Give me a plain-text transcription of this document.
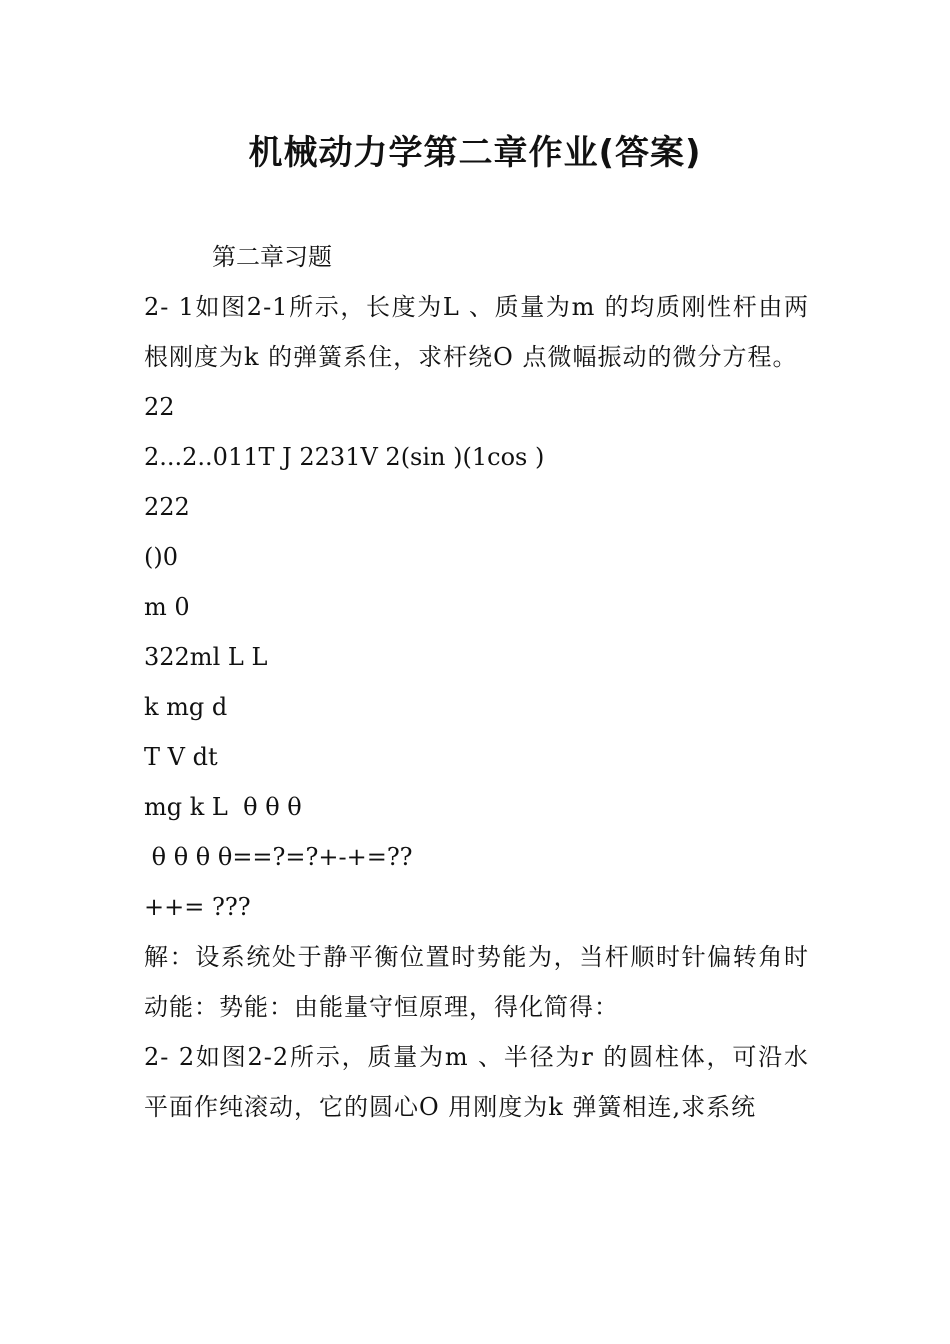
机械动力学第二章作业(答案)
第二章习题
2- 1如图2-1所示，长度为L 、质量为m 的均质刚性杆由两根刚度为k 的弹簧系住，求杆绕O 点微幅振动的微分方程。
22
2...2..011T J 2231V 2(sin )(1cos )
222
()0
m 0
322ml L L
k mg d
T V dt
mg k L  θ θ θ
θ θ θ θ==?=?+-+=??
++= ???
解：设系统处于静平衡位置时势能为，当杆顺时针偏转角时动能：势能：由能量守恒原理，得化简得：
2- 2如图2-2所示，质量为m 、半径为r 的圆柱体，可沿水平面作纯滚动，它的圆心O 用刚度为k 弹簧相连,求系统
